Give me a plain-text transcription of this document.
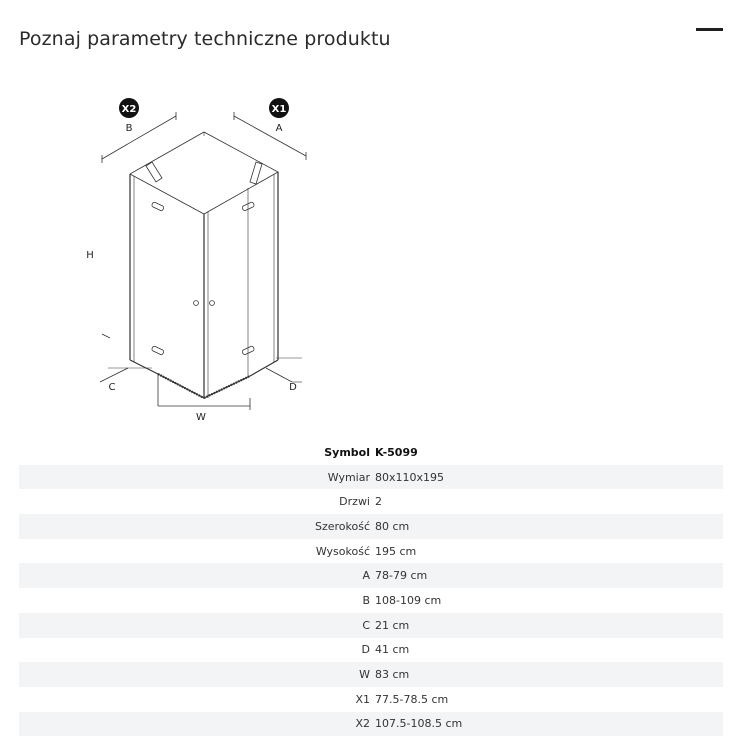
Poznaj parametry techniczne produktu
X2	X1
B	A
H
C	D
W
Symbol	K-5099
Wymiar	80x110x195
Drzwi	2
Szerokość	80 cm
Wysokość	195 cm
A	78-79 cm
B	108-109 cm
C	21 cm
D	41 cm
W	83 cm
X1	77.5-78.5 cm
X2	107.5-108.5 cm
